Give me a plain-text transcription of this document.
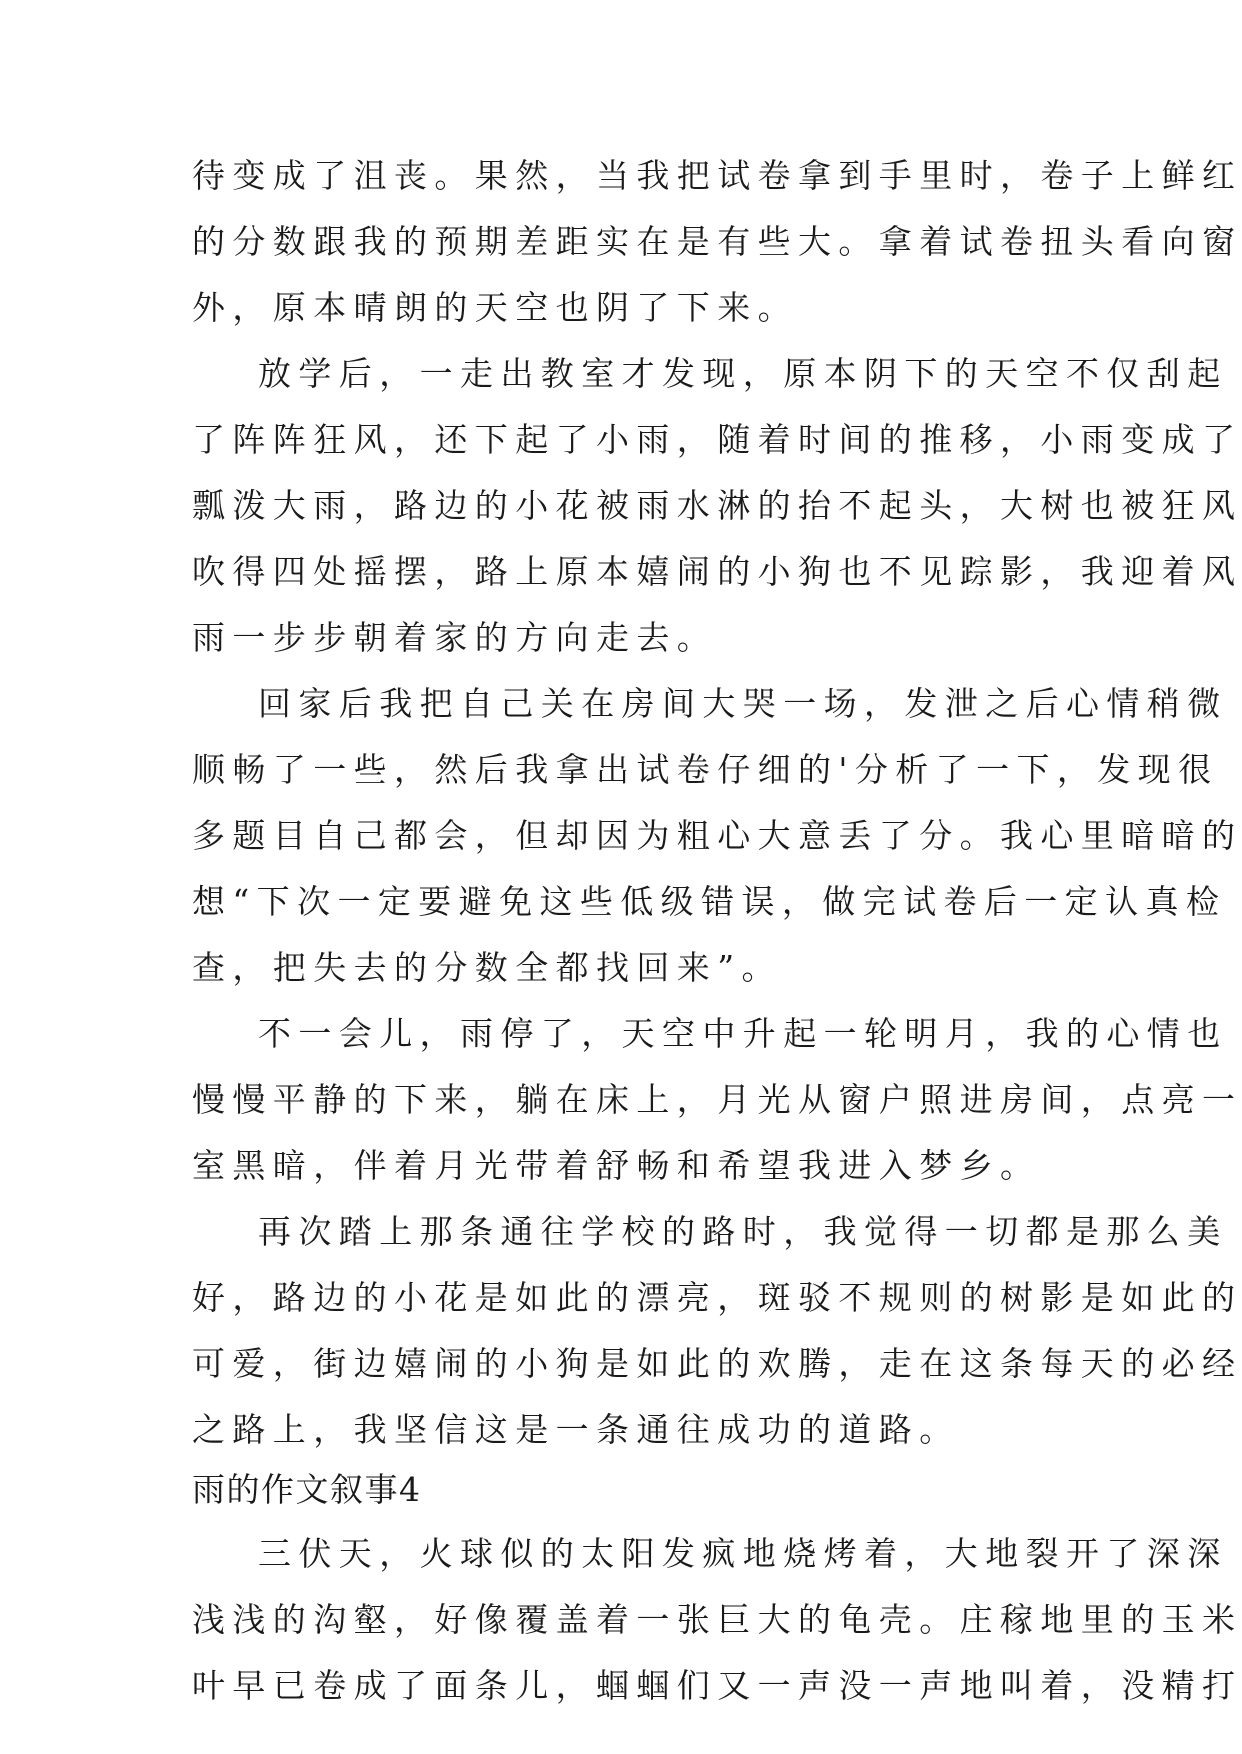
待变成了沮丧。果然，当我把试卷拿到手里时，卷子上鲜红
的分数跟我的预期差距实在是有些大。拿着试卷扭头看向窗
外，原本晴朗的天空也阴了下来。
放学后，一走出教室才发现，原本阴下的天空不仅刮起
了阵阵狂风，还下起了小雨，随着时间的推移，小雨变成了
瓢泼大雨，路边的小花被雨水淋的抬不起头，大树也被狂风
吹得四处摇摆，路上原本嬉闹的小狗也不见踪影，我迎着风
雨一步步朝着家的方向走去。
回家后我把自己关在房间大哭一场，发泄之后心情稍微
顺畅了一些，然后我拿出试卷仔细的'分析了一下，发现很
多题目自己都会，但却因为粗心大意丢了分。我心里暗暗的
想“下次一定要避免这些低级错误，做完试卷后一定认真检
查，把失去的分数全都找回来”。
不一会儿，雨停了，天空中升起一轮明月，我的心情也
慢慢平静的下来，躺在床上，月光从窗户照进房间，点亮一
室黑暗，伴着月光带着舒畅和希望我进入梦乡。
再次踏上那条通往学校的路时，我觉得一切都是那么美
好，路边的小花是如此的漂亮，斑驳不规则的树影是如此的
可爱，街边嬉闹的小狗是如此的欢腾，走在这条每天的必经
之路上，我坚信这是一条通往成功的道路。
雨的作文叙事4
三伏天，火球似的太阳发疯地烧烤着，大地裂开了深深
浅浅的沟壑，好像覆盖着一张巨大的龟壳。庄稼地里的玉米
叶早已卷成了面条儿，蝈蝈们又一声没一声地叫着，没精打
